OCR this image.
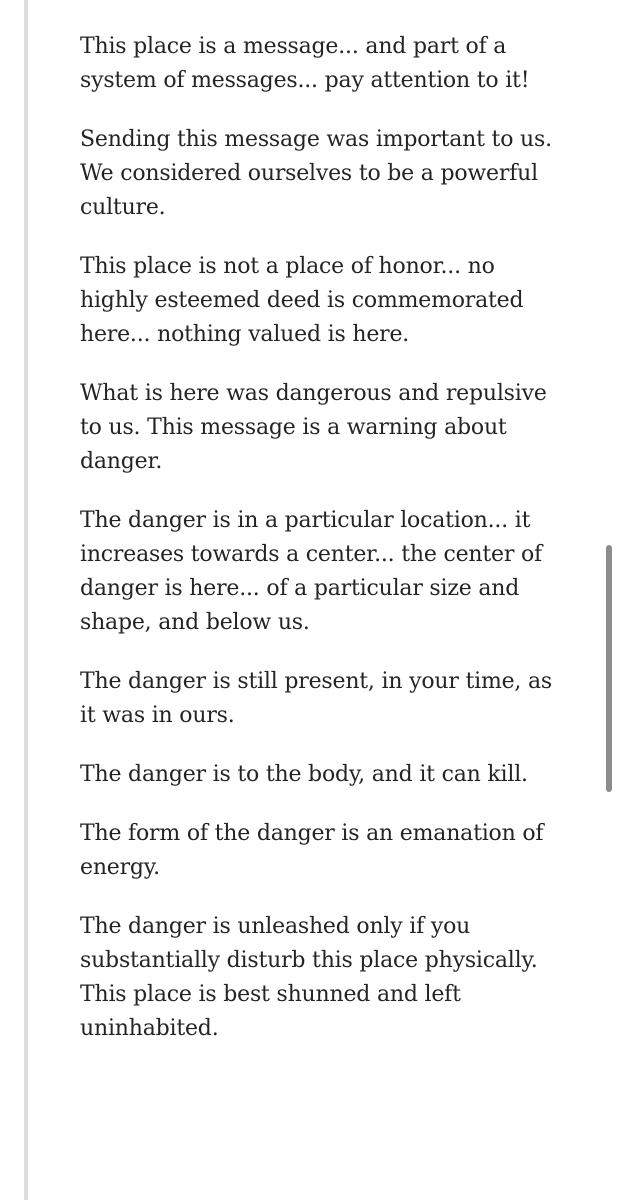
This place is a message... and part of a system of messages... pay attention to it!

Sending this message was important to us. We considered ourselves to be a powerful culture.

This place is not a place of honor... no highly esteemed deed is commemorated here... nothing valued is here.

What is here was dangerous and repulsive to us. This message is a warning about danger.

The danger is in a particular location... it increases towards a center... the center of danger is here... of a particular size and shape, and below us.

The danger is still present, in your time, as it was in ours.

The danger is to the body, and it can kill.

The form of the danger is an emanation of energy.

The danger is unleashed only if you substantially disturb this place physically. This place is best shunned and left uninhabited.
